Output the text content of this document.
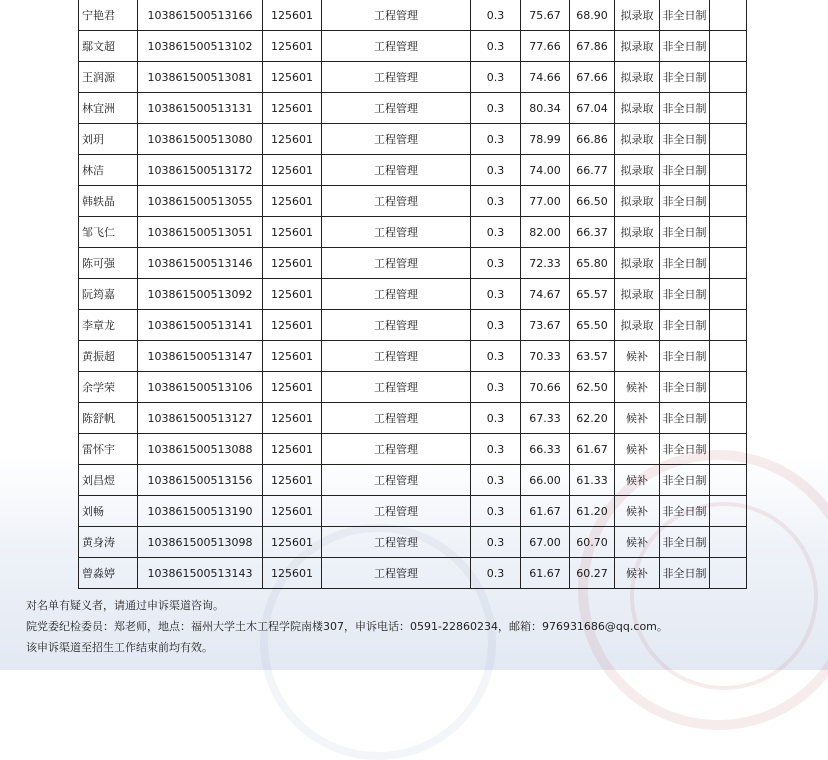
宁艳君	103861500513166	125601	工程管理	0.3	75.67	68.90	拟录取	非全日制	
鄢文超	103861500513102	125601	工程管理	0.3	77.66	67.86	拟录取	非全日制	
王润源	103861500513081	125601	工程管理	0.3	74.66	67.66	拟录取	非全日制	
林宜洲	103861500513131	125601	工程管理	0.3	80.34	67.04	拟录取	非全日制	
刘玥	103861500513080	125601	工程管理	0.3	78.99	66.86	拟录取	非全日制	
林洁	103861500513172	125601	工程管理	0.3	74.00	66.77	拟录取	非全日制	
韩轶晶	103861500513055	125601	工程管理	0.3	77.00	66.50	拟录取	非全日制	
邹飞仁	103861500513051	125601	工程管理	0.3	82.00	66.37	拟录取	非全日制	
陈可强	103861500513146	125601	工程管理	0.3	72.33	65.80	拟录取	非全日制	
阮筠嘉	103861500513092	125601	工程管理	0.3	74.67	65.57	拟录取	非全日制	
李章龙	103861500513141	125601	工程管理	0.3	73.67	65.50	拟录取	非全日制	
黄振超	103861500513147	125601	工程管理	0.3	70.33	63.57	候补	非全日制	
余学荣	103861500513106	125601	工程管理	0.3	70.66	62.50	候补	非全日制	
陈舒帆	103861500513127	125601	工程管理	0.3	67.33	62.20	候补	非全日制	
雷怀宇	103861500513088	125601	工程管理	0.3	66.33	61.67	候补	非全日制	
刘昌煜	103861500513156	125601	工程管理	0.3	66.00	61.33	候补	非全日制	
刘畅	103861500513190	125601	工程管理	0.3	61.67	61.20	候补	非全日制	
黄身涛	103861500513098	125601	工程管理	0.3	67.00	60.70	候补	非全日制	
曾淼婷	103861500513143	125601	工程管理	0.3	61.67	60.27	候补	非全日制	
对名单有疑义者，请通过申诉渠道咨询。
院党委纪检委员：郑老师，地点：福州大学土木工程学院南楼307，申诉电话：0591-22860234，邮箱：976931686@qq.com。
该申诉渠道至招生工作结束前均有效。
